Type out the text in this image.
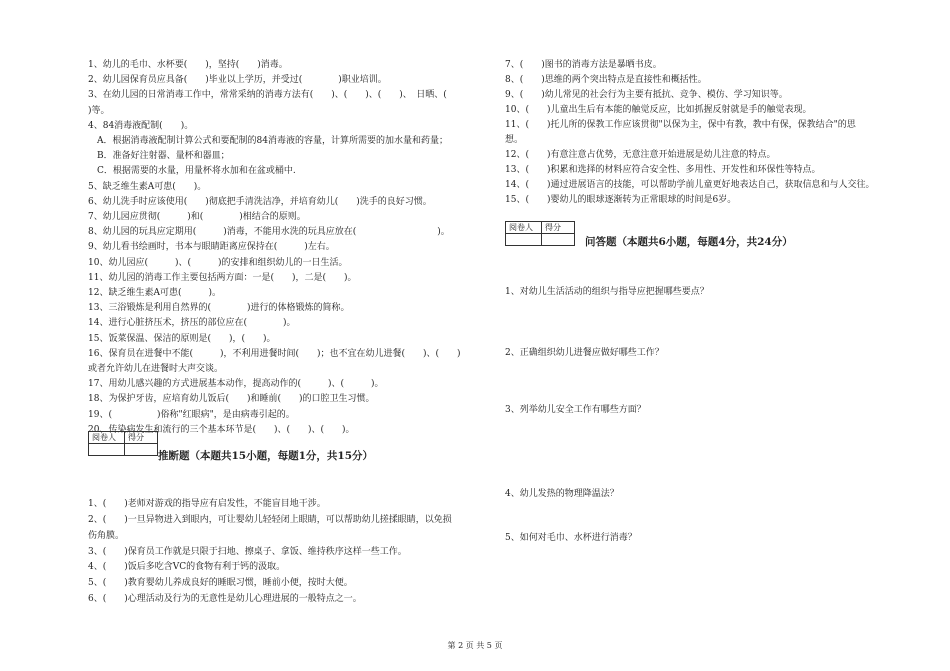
1、幼儿的毛巾、水杯要(　　)，坚持(　　)消毒。
2、幼儿园保育员应具备(　　)毕业以上学历，并受过(　　　　)职业培训。
3、在幼儿园的日常消毒工作中，常常采纳的消毒方法有(　　)、(　　)、(　　)、　日晒、(　　
)等。
4、84消毒液配制(　　)。
　A．根据消毒液配制计算公式和要配制的84消毒液的容量，计算所需要的加水量和药量；
　B．准备好注射器、量杯和器皿；
　C．根据需要的水量，用量杯将水加和在盆或桶中.
5、缺乏维生素A可患(　　)。
6、幼儿洗手时应该使用(　　)彻底把手清洗洁净，并培育幼儿(　　)洗手的良好习惯。
7、幼儿园应贯彻(　　　)和(　　　　)相结合的原则。
8、幼儿园的玩具应定期用(　　　)消毒，不能用水洗的玩具应放在(　　　　　　　　　)。
9、幼儿看书绘画时，书本与眼睛距离应保持在(　　　)左右。
10、幼儿园应(　　　)、(　　　)的安排和组织幼儿的一日生活。
11、幼儿园的消毒工作主要包括两方面：一是(　　)，二是(　　)。
12、缺乏维生素A可患(　　　)。
13、三浴锻炼是利用自然界的(　　　　)进行的体格锻炼的简称。
14、进行心脏挤压术，挤压的部位应在(　　　　)。
15、饭菜保温、保洁的原则是(　　)，(　　)。
16、保育员在进餐中不能(　　　)，不利用进餐时间(　　)；也不宜在幼儿进餐(　　)、(　　)
或者允许幼儿在进餐时大声交谈。
17、用幼儿感兴趣的方式进展基本动作，提高动作的(　　　)、(　　　)。
18、为保护牙齿，应培育幼儿饭后(　　)和睡前(　　)的口腔卫生习惯。
19、(　　　　　)俗称"红眼病"，是由病毒引起的。
20、传染病发生和流行的三个基本环节是(　　)、(　　)、(　　)。
阅卷人	得分

推断题（本题共15小题，每题1分，共15分）
1、(　　)老师对游戏的指导应有启发性，不能盲目地干涉。
2、(　　)一旦异物进入到眼内，可让婴幼儿轻轻闭上眼睛，可以帮助幼儿搓揉眼睛，以免损
伤角膜。
3、(　　)保育员工作就是只限于扫地、擦桌子、拿饭、维持秩序这样一些工作。
4、(　　)饭后多吃含VC的食物有利于钙的汲取。
5、(　　)教育婴幼儿养成良好的睡眠习惯，睡前小便，按时大便。
6、(　　)心理活动及行为的无意性是幼儿心理进展的一般特点之一。
7、(　　)图书的消毒方法是暴晒书皮。
8、(　　)思维的两个突出特点是直接性和概括性。
9、(　　)幼儿常见的社会行为主要有抵抗、竞争、模仿、学习知识等。
10、(　　)儿童出生后有本能的触觉反应，比如抓握反射就是手的触觉表现。
11、(　　)托儿所的保教工作应该贯彻"以保为主，保中有教，教中有保，保教结合"的思
想。
12、(　　)有意注意占优势，无意注意开始进展是幼儿注意的特点。
13、(　　)积累和选择的材料应符合安全性、多用性、开发性和环保性等特点。
14、(　　)通过进展语言的技能，可以帮助学前儿童更好地表达自己，获取信息和与人交往。
15、(　　)婴幼儿的眼球逐渐转为正常眼球的时间是6岁。
阅卷人	得分

问答题（本题共6小题，每题4分，共24分）
1、对幼儿生活活动的组织与指导应把握哪些要点？
2、正确组织幼儿进餐应做好哪些工作？
3、列举幼儿安全工作有哪些方面？
4、幼儿发热的物理降温法？
5、如何对毛巾、水杯进行消毒？
第 2 页 共 5 页
